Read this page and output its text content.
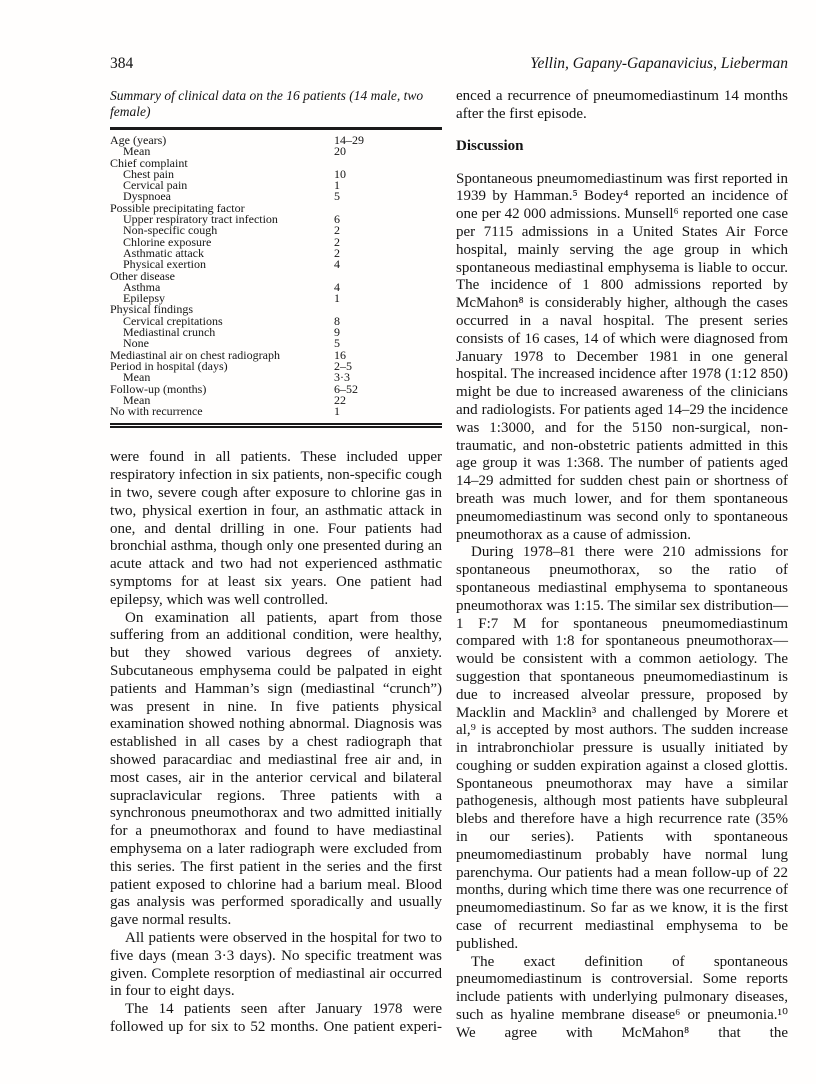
384	Yellin, Gapany-Gapanavicius, Lieberman
Summary of clinical data on the 16 patients (14 male, two female)
Age (years)	14–29
Mean	20
Chief complaint
Chest pain	10
Cervical pain	1
Dyspnoea	5
Possible precipitating factor
Upper respiratory tract infection	6
Non-specific cough	2
Chlorine exposure	2
Asthmatic attack	2
Physical exertion	4
Other disease
Asthma	4
Epilepsy	1
Physical findings
Cervical crepitations	8
Mediastinal crunch	9
None	5
Mediastinal air on chest radiograph	16
Period in hospital (days)	2–5
Mean	3·3
Follow-up (months)	6–52
Mean	22
No with recurrence	1

were found in all patients. These included upper respiratory infection in six patients, non-specific cough in two, severe cough after exposure to chlorine gas in two, physical exertion in four, an asthmatic attack in one, and dental drilling in one. Four patients had bronchial asthma, though only one presented during an acute attack and two had not experienced asthmatic symptoms for at least six years. One patient had epilepsy, which was well controlled.

On examination all patients, apart from those suffering from an additional condition, were healthy, but they showed various degrees of anxiety. Subcutaneous emphysema could be palpated in eight patients and Hamman’s sign (mediastinal “crunch”) was present in nine. In five patients physical examination showed nothing abnormal. Diagnosis was established in all cases by a chest radiograph that showed paracardiac and mediastinal free air and, in most cases, air in the anterior cervical and bilateral supraclavicular regions. Three patients with a synchronous pneumothorax and two admitted initially for a pneumothorax and found to have mediastinal emphysema on a later radiograph were excluded from this series. The first patient in the series and the first patient exposed to chlorine had a barium meal. Blood gas analysis was performed sporadically and usually gave normal results.

All patients were observed in the hospital for two to five days (mean 3·3 days). No specific treatment was given. Complete resorption of mediastinal air occurred in four to eight days.

The 14 patients seen after January 1978 were followed up for six to 52 months. One patient experi-

enced a recurrence of pneumomediastinum 14 months after the first episode.

Discussion

Spontaneous pneumomediastinum was first reported in 1939 by Hamman.⁵ Bodey⁴ reported an incidence of one per 42 000 admissions. Munsell⁶ reported one case per 7115 admissions in a United States Air Force hospital, mainly serving the age group in which spontaneous mediastinal emphysema is liable to occur. The incidence of 1 800 admissions reported by McMahon⁸ is considerably higher, although the cases occurred in a naval hospital. The present series consists of 16 cases, 14 of which were diagnosed from January 1978 to December 1981 in one general hospital. The increased incidence after 1978 (1:12 850) might be due to increased awareness of the clinicians and radiologists. For patients aged 14–29 the incidence was 1:3000, and for the 5150 non-surgical, non-traumatic, and non-obstetric patients admitted in this age group it was 1:368. The number of patients aged 14–29 admitted for sudden chest pain or shortness of breath was much lower, and for them spontaneous pneumomediastinum was second only to spontaneous pneumothorax as a cause of admission.

During 1978–81 there were 210 admissions for spontaneous pneumothorax, so the ratio of spontaneous mediastinal emphysema to spontaneous pneumothorax was 1:15. The similar sex distribution—1 F:7 M for spontaneous pneumomediastinum compared with 1:8 for spontaneous pneumothorax—would be consistent with a common aetiology. The suggestion that spontaneous pneumomediastinum is due to increased alveolar pressure, proposed by Macklin and Macklin³ and challenged by Morere et al,⁹ is accepted by most authors. The sudden increase in intrabronchiolar pressure is usually initiated by coughing or sudden expiration against a closed glottis. Spontaneous pneumothorax may have a similar pathogenesis, although most patients have subpleural blebs and therefore have a high recurrence rate (35% in our series). Patients with spontaneous pneumomediastinum probably have normal lung parenchyma. Our patients had a mean follow-up of 22 months, during which time there was one recurrence of pneumomediastinum. So far as we know, it is the first case of recurrent mediastinal emphysema to be published.

The exact definition of spontaneous pneumomediastinum is controversial. Some reports include patients with underlying pulmonary diseases, such as hyaline membrane disease⁶ or pneumonia.¹⁰ We agree with McMahon⁸ that the
